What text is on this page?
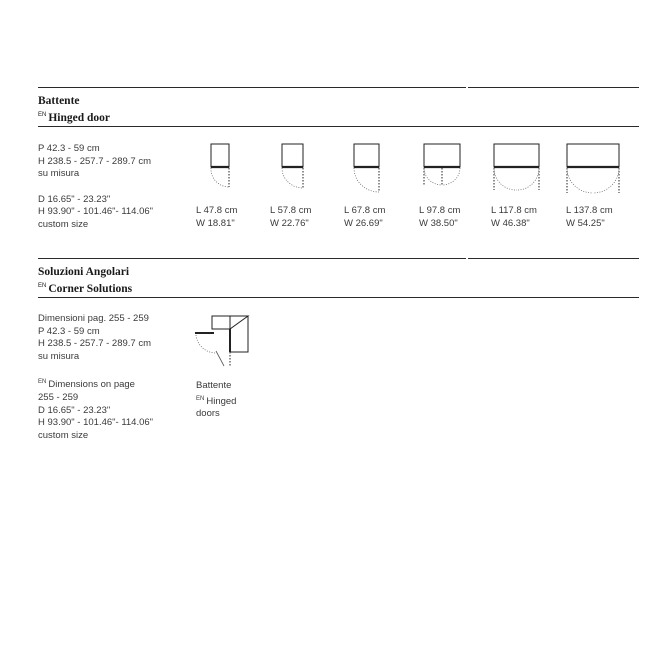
Battente
$^{EN}$ Hinged door
P 42.3 - 59 cm
H 238.5 - 257.7 - 289.7 cm
su misura
D 16.65" - 23.23"
H 93.90" - 101.46"- 114.06"
custom size
L 47.8 cm
W 18.81"
L 57.8 cm
W 22.76"
L 67.8 cm
W 26.69"
L 97.8 cm
W 38.50"
L 117.8 cm
W 46.38"
L 137.8 cm
W 54.25"
Soluzioni Angolari
$^{EN}$ Corner Solutions
Dimensioni pag. 255 - 259
P 42.3 - 59 cm
H 238.5 - 257.7 - 289.7 cm
su misura
$^{EN}$ Dimensions on page
255 - 259
D 16.65" - 23.23"
H 93.90" - 101.46"- 114.06"
custom size
Battente
$^{EN}$ Hinged
doors
